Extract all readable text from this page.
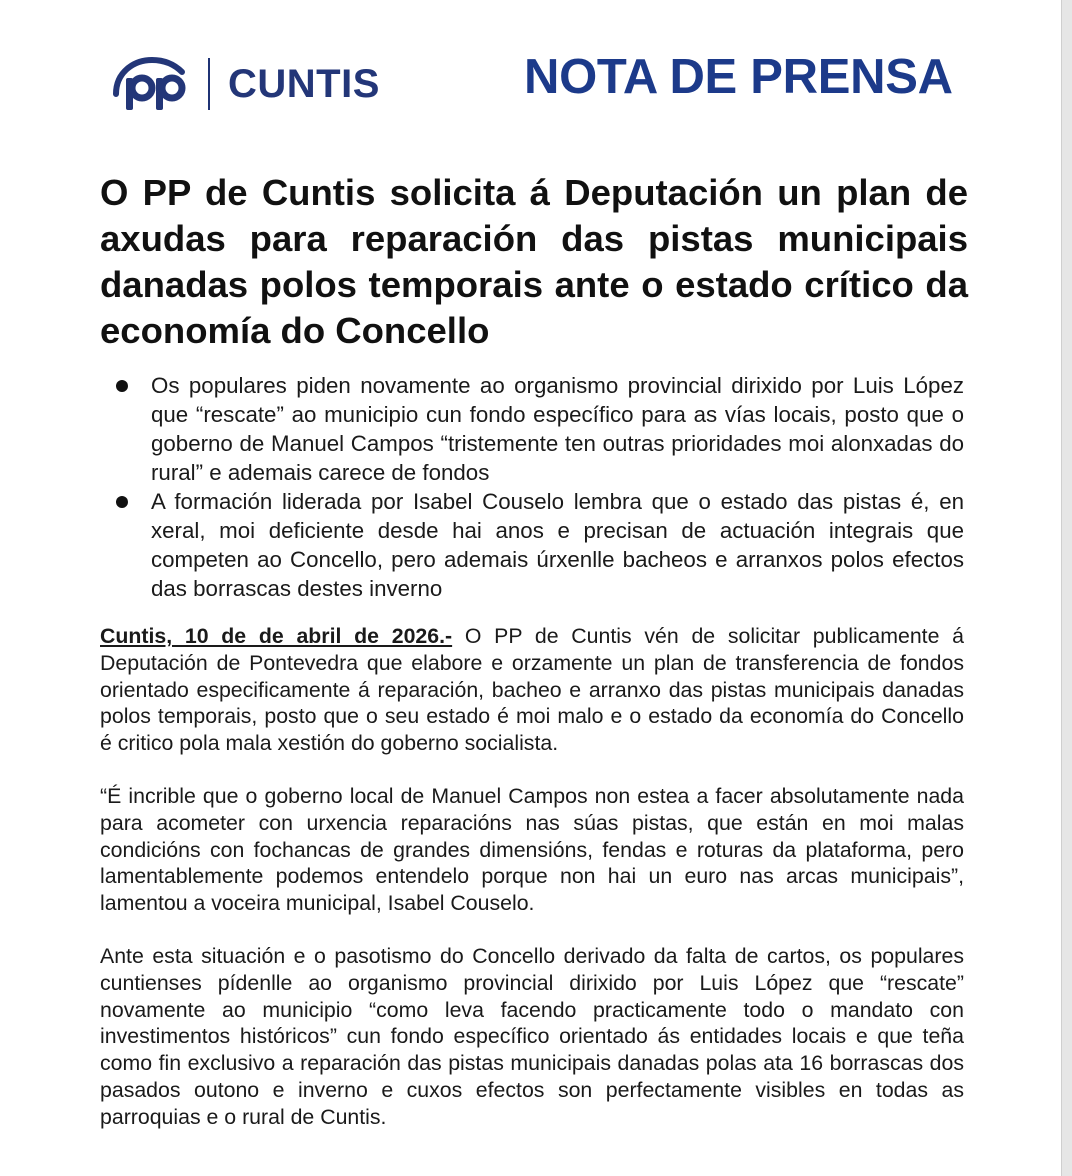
CUNTIS	NOTA DE PRENSA
O PP de Cuntis solicita á Deputación un plan de axudas para reparación das pistas municipais danadas polos temporais ante o estado crítico da economía do Concello
Os populares piden novamente ao organismo provincial dirixido por Luis López que “rescate” ao municipio cun fondo específico para as vías locais, posto que o goberno de Manuel Campos “tristemente ten outras prioridades moi alonxadas do rural” e ademais carece de fondos
A formación liderada por Isabel Couselo lembra que o estado das pistas é, en xeral, moi deficiente desde hai anos e precisan de actuación integrais que competen ao Concello, pero ademais úrxenlle bacheos e arranxos polos efectos das borrascas destes inverno

Cuntis, 10 de de abril de 2026.- O PP de Cuntis vén de solicitar publicamente á Deputación de Pontevedra que elabore e orzamente un plan de transferencia de fondos orientado especificamente á reparación, bacheo e arranxo das pistas municipais danadas polos temporais, posto que o seu estado é moi malo e o estado da economía do Concello é critico pola mala xestión do goberno socialista.

“É incrible que o goberno local de Manuel Campos non estea a facer absolutamente nada para acometer con urxencia reparacións nas súas pistas, que están en moi malas condicións con fochancas de grandes dimensións, fendas e roturas da plataforma, pero lamentablemente podemos entendelo porque non hai un euro nas arcas municipais”, lamentou a voceira municipal, Isabel Couselo.

Ante esta situación e o pasotismo do Concello derivado da falta de cartos, os populares cuntienses pídenlle ao organismo provincial dirixido por Luis López que “rescate” novamente ao municipio “como leva facendo practicamente todo o mandato con investimentos históricos” cun fondo específico orientado ás entidades locais e que teña como fin exclusivo a reparación das pistas municipais danadas polas ata 16 borrascas dos pasados outono e inverno e cuxos efectos son perfectamente visibles en todas as parroquias e o rural de Cuntis.
